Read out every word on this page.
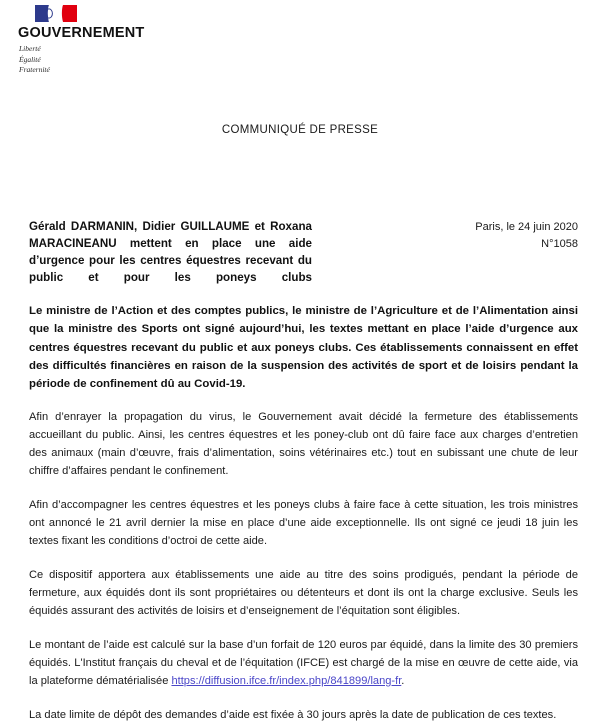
GOUVERNEMENT
Liberté
Égalité
Fraternité
COMMUNIQUÉ DE PRESSE
Gérald DARMANIN, Didier GUILLAUME et Roxana MARACINEANU mettent en place une aide d’urgence pour les centres équestres recevant du public et pour les poneys clubs
Paris, le 24 juin 2020
N°1058

Le ministre de l’Action et des comptes publics, le ministre de l’Agriculture et de l’Alimentation ainsi que la ministre des Sports ont signé aujourd’hui, les textes mettant en place l’aide d’urgence aux centres équestres recevant du public et aux poneys clubs. Ces établissements connaissent en effet des difficultés financières en raison de la suspension des activités de sport et de loisirs pendant la période de confinement dû au Covid-19.

Afin d’enrayer la propagation du virus, le Gouvernement avait décidé la fermeture des établissements accueillant du public. Ainsi, les centres équestres et les poney-club ont dû faire face aux charges d’entretien des animaux (main d’œuvre, frais d’alimentation, soins vétérinaires etc.) tout en subissant une chute de leur chiffre d’affaires pendant le confinement.

Afin d’accompagner les centres équestres et les poneys clubs à faire face à cette situation, les trois ministres ont annoncé le 21 avril dernier la mise en place d’une aide exceptionnelle. Ils ont signé ce jeudi 18 juin les textes fixant les conditions d’octroi de cette aide.

Ce dispositif apportera aux établissements une aide au titre des soins prodigués, pendant la période de fermeture, aux équidés dont ils sont propriétaires ou détenteurs et dont ils ont la charge exclusive. Seuls les équidés assurant des activités de loisirs et d’enseignement de l’équitation sont éligibles.

Le montant de l’aide est calculé sur la base d’un forfait de 120 euros par équidé, dans la limite des 30 premiers équidés. L'Institut français du cheval et de l’équitation (IFCE) est chargé de la mise en œuvre de cette aide, via la plateforme dématérialisée https://diffusion.ifce.fr/index.php/841899/lang-fr.

La date limite de dépôt des demandes d’aide est fixée à 30 jours après la date de publication de ces textes.
